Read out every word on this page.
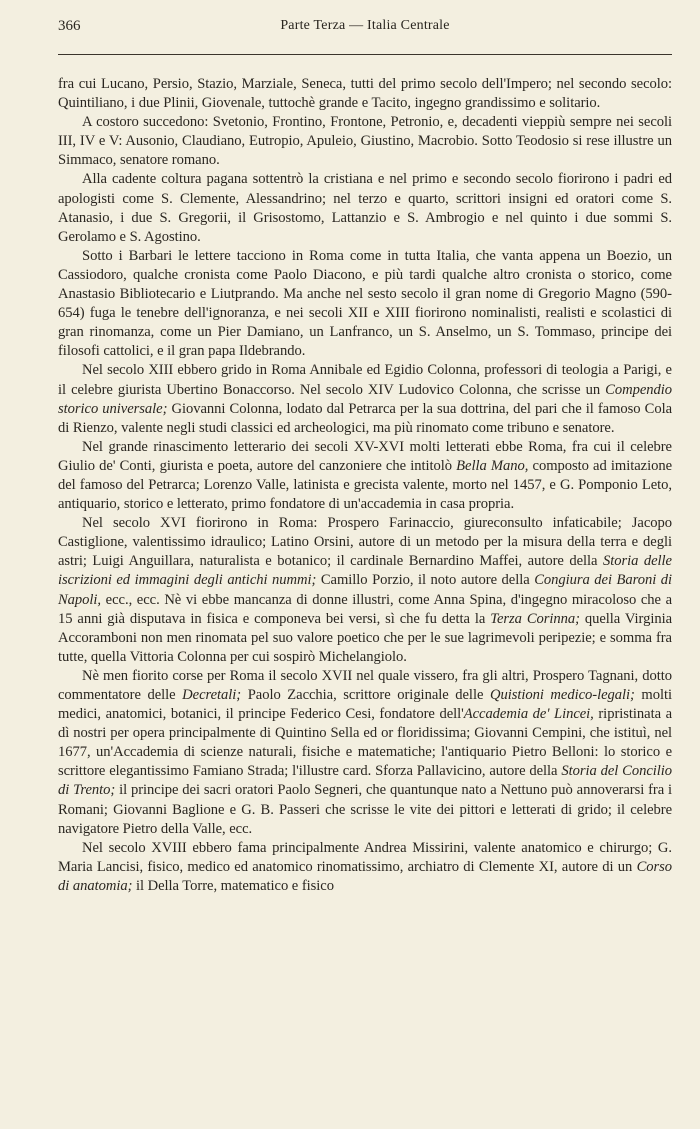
366	Parte Terza — Italia Centrale

fra cui Lucano, Persio, Stazio, Marziale, Seneca, tutti del primo secolo dell'Impero; nel secondo secolo: Quintiliano, i due Plinii, Giovenale, tuttochè grande e Tacito, ingegno grandissimo e solitario.

A costoro succedono: Svetonio, Frontino, Frontone, Petronio, e, decadenti vieppiù sempre nei secoli III, IV e V: Ausonio, Claudiano, Eutropio, Apuleio, Giustino, Macrobio. Sotto Teodosio si rese illustre un Simmaco, senatore romano.

Alla cadente coltura pagana sottentrò la cristiana e nel primo e secondo secolo fiorirono i padri ed apologisti come S. Clemente, Alessandrino; nel terzo e quarto, scrittori insigni ed oratori come S. Atanasio, i due S. Gregorii, il Grisostomo, Lattanzio e S. Ambrogio e nel quinto i due sommi S. Gerolamo e S. Agostino.

Sotto i Barbari le lettere tacciono in Roma come in tutta Italia, che vanta appena un Boezio, un Cassiodoro, qualche cronista come Paolo Diacono, e più tardi qualche altro cronista o storico, come Anastasio Bibliotecario e Liutprando. Ma anche nel sesto secolo il gran nome di Gregorio Magno (590-654) fuga le tenebre dell'ignoranza, e nei secoli XII e XIII fiorirono nominalisti, realisti e scolastici di gran rinomanza, come un Pier Damiano, un Lanfranco, un S. Anselmo, un S. Tommaso, principe dei filosofi cattolici, e il gran papa Ildebrando.

Nel secolo XIII ebbero grido in Roma Annibale ed Egidio Colonna, professori di teologia a Parigi, e il celebre giurista Ubertino Bonaccorso. Nel secolo XIV Ludovico Colonna, che scrisse un Compendio storico universale; Giovanni Colonna, lodato dal Petrarca per la sua dottrina, del pari che il famoso Cola di Rienzo, valente negli studi classici ed archeologici, ma più rinomato come tribuno e senatore.

Nel grande rinascimento letterario dei secoli XV-XVI molti letterati ebbe Roma, fra cui il celebre Giulio de' Conti, giurista e poeta, autore del canzoniere che intitolò Bella Mano, composto ad imitazione del famoso del Petrarca; Lorenzo Valle, latinista e grecista valente, morto nel 1457, e G. Pomponio Leto, antiquario, storico e letterato, primo fondatore di un'accademia in casa propria.

Nel secolo XVI fiorirono in Roma: Prospero Farinaccio, giureconsulto infaticabile; Jacopo Castiglione, valentissimo idraulico; Latino Orsini, autore di un metodo per la misura della terra e degli astri; Luigi Anguillara, naturalista e botanico; il cardinale Bernardino Maffei, autore della Storia delle iscrizioni ed immagini degli antichi nummi; Camillo Porzio, il noto autore della Congiura dei Baroni di Napoli, ecc., ecc. Nè vi ebbe mancanza di donne illustri, come Anna Spina, d'ingegno miracoloso che a 15 anni già disputava in fisica e componeva bei versi, sì che fu detta la Terza Corinna; quella Virginia Accoramboni non men rinomata pel suo valore poetico che per le sue lagrimevoli peripezie; e somma fra tutte, quella Vittoria Colonna per cui sospirò Michelangiolo.

Nè men fiorito corse per Roma il secolo XVII nel quale vissero, fra gli altri, Prospero Tagnani, dotto commentatore delle Decretali; Paolo Zacchia, scrittore originale delle Quistioni medico-legali; molti medici, anatomici, botanici, il principe Federico Cesi, fondatore dell'Accademia de' Lincei, ripristinata a dì nostri per opera principalmente di Quintino Sella ed or floridissima; Giovanni Cempini, che istituì, nel 1677, un'Accademia di scienze naturali, fisiche e matematiche; l'antiquario Pietro Belloni: lo storico e scrittore elegantissimo Famiano Strada; l'illustre card. Sforza Pallavicino, autore della Storia del Concilio di Trento; il principe dei sacri oratori Paolo Segneri, che quantunque nato a Nettuno può annoverarsi fra i Romani; Giovanni Baglione e G. B. Passeri che scrisse le vite dei pittori e letterati di grido; il celebre navigatore Pietro della Valle, ecc.

Nel secolo XVIII ebbero fama principalmente Andrea Missirini, valente anatomico e chirurgo; G. Maria Lancisi, fisico, medico ed anatomico rinomatissimo, archiatro di Clemente XI, autore di un Corso di anatomia; il Della Torre, matematico e fisico
